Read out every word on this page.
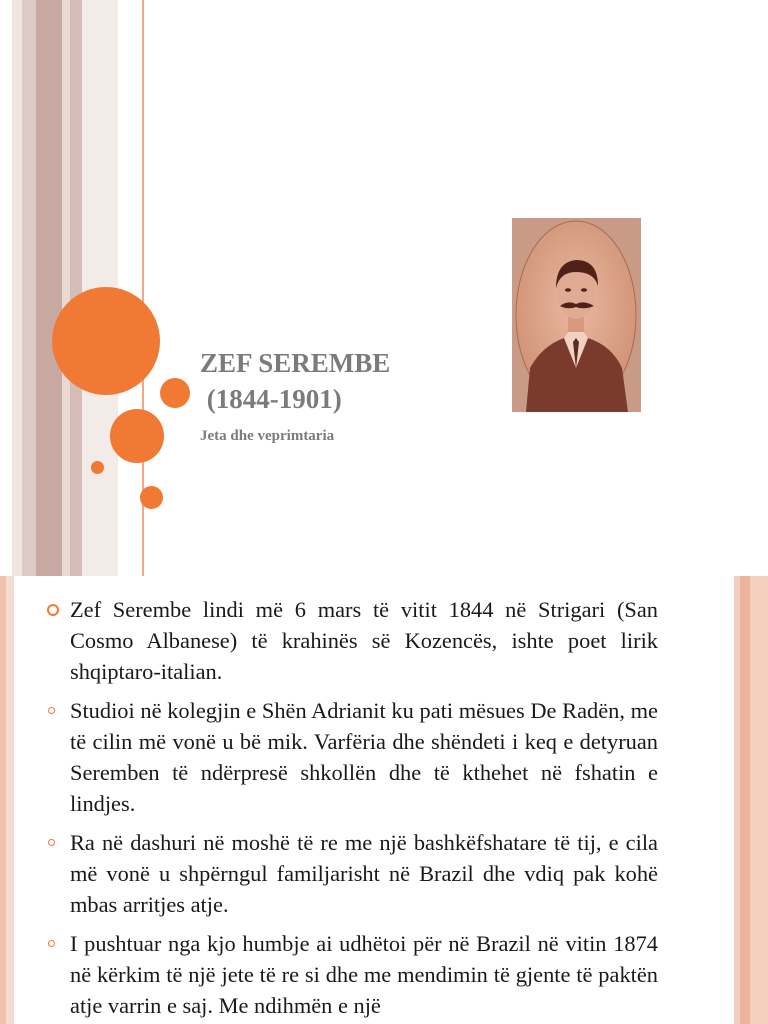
ZEF SEREMBE
(1844-1901)
Jeta dhe veprimtaria
Zef Serembe lindi më 6 mars të vitit 1844 në Strigari (San Cosmo Albanese) të krahinës së Kozencës, ishte poet lirik shqiptaro-italian.
Studioi në kolegjin e Shën Adrianit ku pati mësues De Radën, me të cilin më vonë u bë mik. Varfëria dhe shëndeti i keq e detyruan Seremben të ndërpresë shkollën dhe të kthehet në fshatin e lindjes.
Ra në dashuri në moshë të re me një bashkëfshatare të tij, e cila më vonë u shpërngul familjarisht në Brazil dhe vdiq pak kohë mbas arritjes atje.
I pushtuar nga kjo humbje ai udhëtoi për në Brazil në vitin 1874 në kërkim të një jete të re si dhe me mendimin të gjente të paktën atje varrin e saj. Me ndihmën e një
